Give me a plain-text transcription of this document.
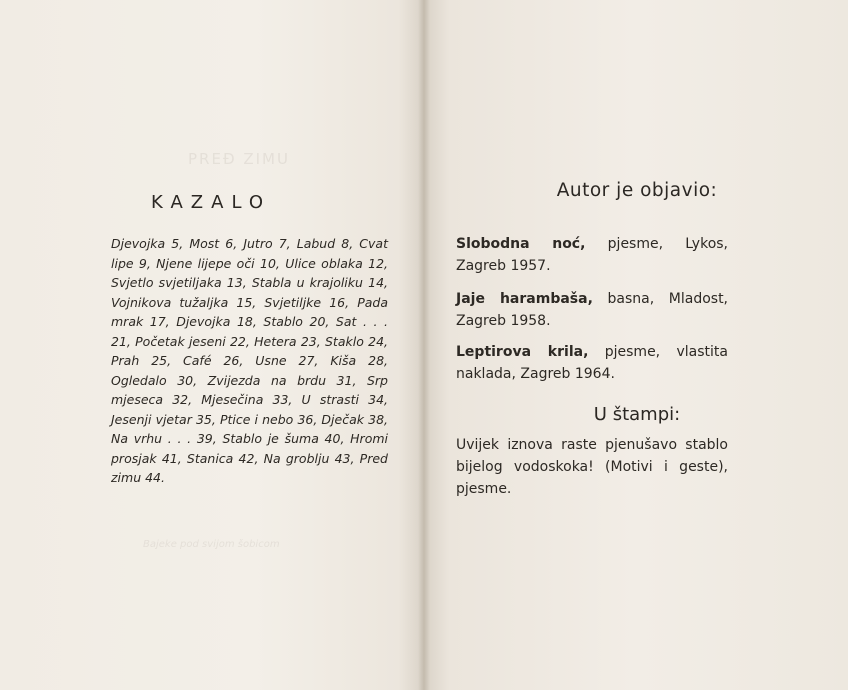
PREĐ ZIMU
Bajeke pod svijom šobicom
KAZALO
Djevojka 5, Most 6, Jutro 7, Labud 8, Cvat lipe 9, Njene lijepe oči 10, Ulice oblaka 12, Svjetlo svjetiljaka 13, Stabla u krajoliku 14, Vojnikova tužaljka 15, Svjetiljke 16, Pada mrak 17, Djevojka 18, Stablo 20, Sat . . . 21, Početak jeseni 22, Hetera 23, Staklo 24, Prah 25, Café 26, Usne 27, Kiša 28, Ogledalo 30, Zvijezda na brdu 31, Srp mjeseca 32, Mjesečina 33, U strasti 34, Jesenji vjetar 35, Ptice i nebo 36, Dječak 38, Na vrhu . . . 39, Stablo je šuma 40, Hromi prosjak 41, Stanica 42, Na groblju 43, Pred zimu 44.
Autor je objavio:
Slobodna noć, pjesme, Lykos, Zagreb 1957.
Jaje harambaša, basna, Mladost, Zagreb 1958.
Leptirova krila, pjesme, vlastita naklada, Zagreb 1964.
U štampi:
Uvijek iznova raste pjenušavo stablo bijelog vodoskoka! (Motivi i geste), pjesme.
